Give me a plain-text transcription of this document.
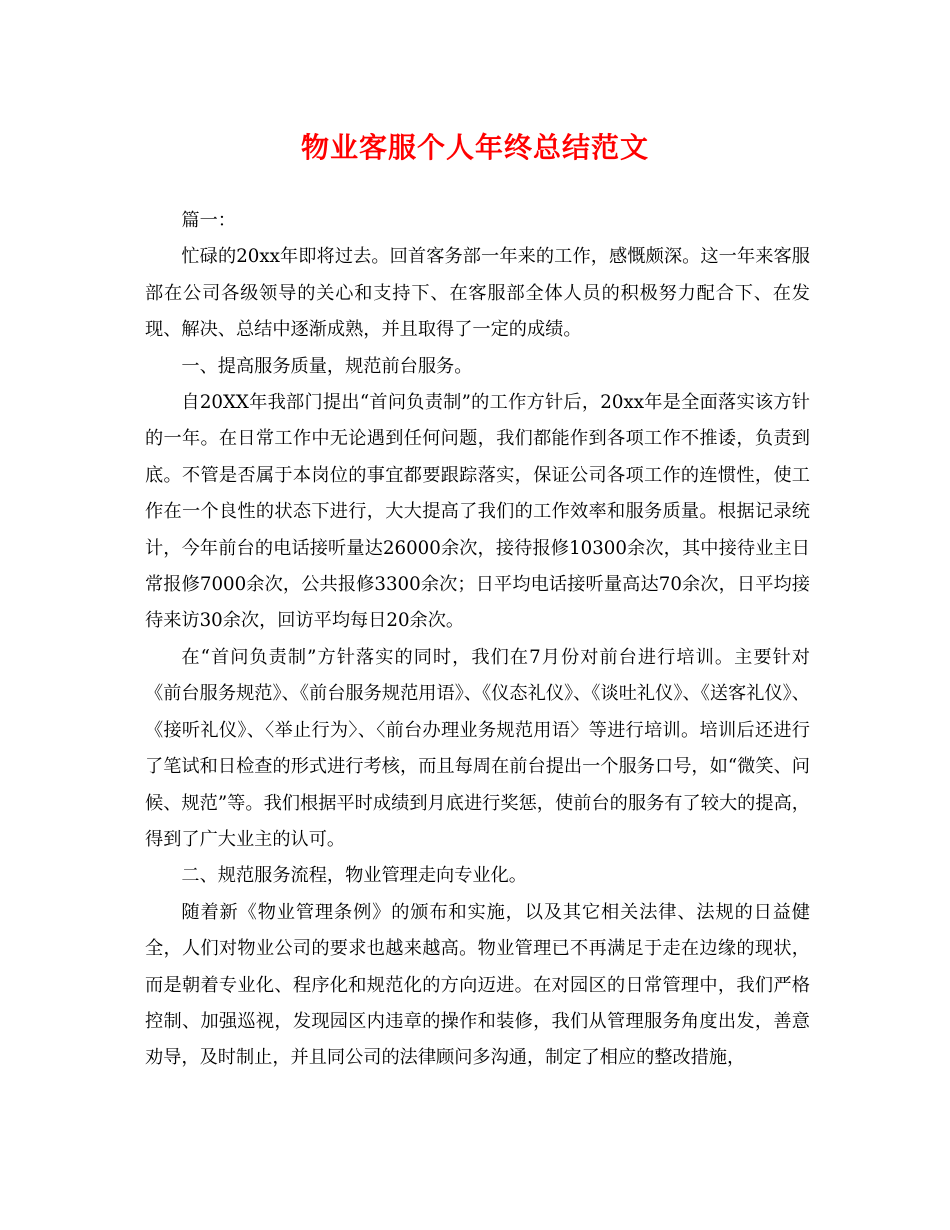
物业客服个人年终总结范文

篇一：

忙碌的20xx年即将过去。回首客务部一年来的工作，感慨颇深。这一年来客服部在公司各级领导的关心和支持下、在客服部全体人员的积极努力配合下、在发现、解决、总结中逐渐成熟，并且取得了一定的成绩。

一、提高服务质量，规范前台服务。

自20XX年我部门提出“首问负责制”的工作方针后，20xx年是全面落实该方针的一年。在日常工作中无论遇到任何问题，我们都能作到各项工作不推诿，负责到底。不管是否属于本岗位的事宜都要跟踪落实，保证公司各项工作的连惯性，使工作在一个良性的状态下进行，大大提高了我们的工作效率和服务质量。根据记录统计，今年前台的电话接听量达26000余次，接待报修10300余次，其中接待业主日常报修7000余次，公共报修3300余次；日平均电话接听量高达70余次，日平均接待来访30余次，回访平均每日20余次。

在“首问负责制”方针落实的同时，我们在7月份对前台进行培训。主要针对《前台服务规范》、《前台服务规范用语》、《仪态礼仪》、《谈吐礼仪》、《送客礼仪》、《接听礼仪》、〈举止行为〉、〈前台办理业务规范用语〉等进行培训。培训后还进行了笔试和日检查的形式进行考核，而且每周在前台提出一个服务口号，如“微笑、问候、规范”等。我们根据平时成绩到月底进行奖惩，使前台的服务有了较大的提高，得到了广大业主的认可。

二、规范服务流程，物业管理走向专业化。

随着新《物业管理条例》的颁布和实施，以及其它相关法律、法规的日益健全，人们对物业公司的要求也越来越高。物业管理已不再满足于走在边缘的现状，而是朝着专业化、程序化和规范化的方向迈进。在对园区的日常管理中，我们严格控制、加强巡视，发现园区内违章的操作和装修，我们从管理服务角度出发，善意劝导，及时制止，并且同公司的法律顾问多沟通，制定了相应的整改措施，
